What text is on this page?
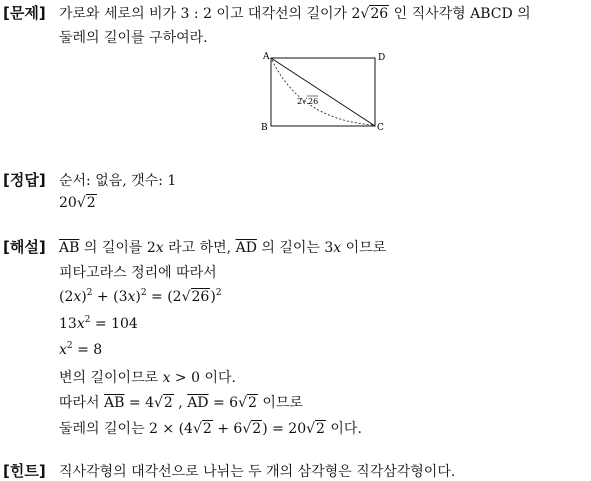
[문제] 가로와 세로의 비가 3 : 2 이고 대각선의 길이가 2√26 인 직사각형 ABCD 의
둘레의 길이를 구하여라.
A	D
B	C
2 √ 26
[정답] 순서: 없음, 갯수: 1
20√2
[해설] $\overline{AB}$ 의 길이를 2x 라고 하면, $\overline{AD}$ 의 길이는 3x 이므로
피타고라스 정리에 따라서
$(2x)^2 + (3x)^2 = (2√26)^2$
$13x^2 = 104$
$x^2 = 8$
변의 길이이므로 x > 0 이다.
따라서 $\overline{AB} = 4√2$ , $\overline{AD} = 6√2$ 이므로
둘레의 길이는 2 × (4√2 + 6√2) = 20√2 이다.
[힌트] 직사각형의 대각선으로 나뉘는 두 개의 삼각형은 직각삼각형이다.
